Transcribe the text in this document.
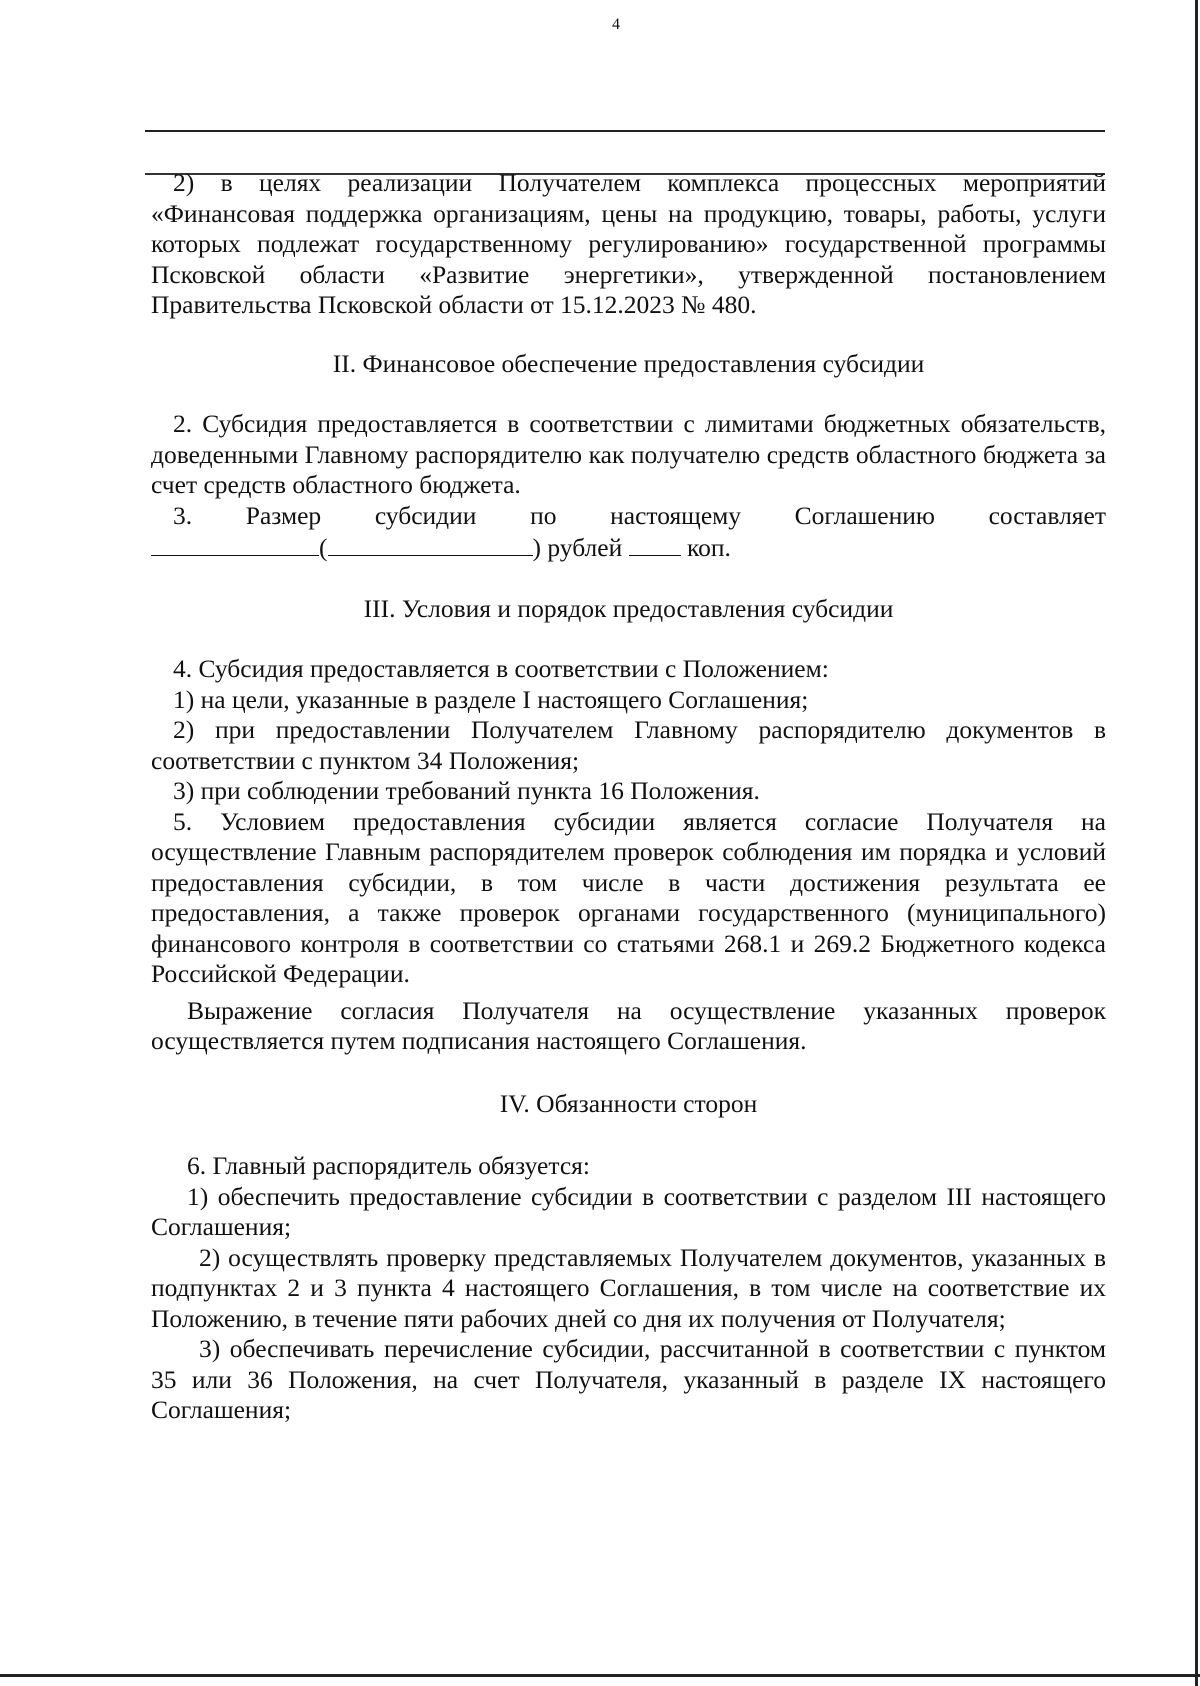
4

2) в целях реализации Получателем комплекса процессных мероприятий «Финансовая поддержка организациям, цены на продукцию, товары, работы, услуги которых подлежат государственному регулированию» государственной программы Псковской области «Развитие энергетики», утвержденной постановлением Правительства Псковской области от 15.12.2023 № 480.

II. Финансовое обеспечение предоставления субсидии

2. Субсидия предоставляется в соответствии с лимитами бюджетных обязательств, доведенными Главному распорядителю как получателю средств областного бюджета за счет средств областного бюджета.

3. Размер субсидии по настоящему Соглашению составляет

(	) рублей	коп.

III. Условия и порядок предоставления субсидии

4. Субсидия предоставляется в соответствии с Положением:

1) на цели, указанные в разделе I настоящего Соглашения;

2) при предоставлении Получателем Главному распорядителю документов в соответствии с пунктом 34 Положения;

3) при соблюдении требований пункта 16 Положения.

5. Условием предоставления субсидии является согласие Получателя на осуществление Главным распорядителем проверок соблюдения им порядка и условий предоставления субсидии, в том числе в части достижения результата ее предоставления, а также проверок органами государственного (муниципального) финансового контроля в соответствии со статьями 268.1 и 269.2 Бюджетного кодекса Российской Федерации.

Выражение согласия Получателя на осуществление указанных проверок осуществляется путем подписания настоящего Соглашения.

IV. Обязанности сторон

6. Главный распорядитель обязуется:

1) обеспечить предоставление субсидии в соответствии с разделом III настоящего Соглашения;

2) осуществлять проверку представляемых Получателем документов, указанных в подпунктах 2 и 3 пункта 4 настоящего Соглашения, в том числе на соответствие их Положению, в течение пяти рабочих дней со дня их получения от Получателя;

3) обеспечивать перечисление субсидии, рассчитанной в соответствии с пунктом 35 или 36 Положения, на счет Получателя, указанный в разделе IX настоящего Соглашения;
